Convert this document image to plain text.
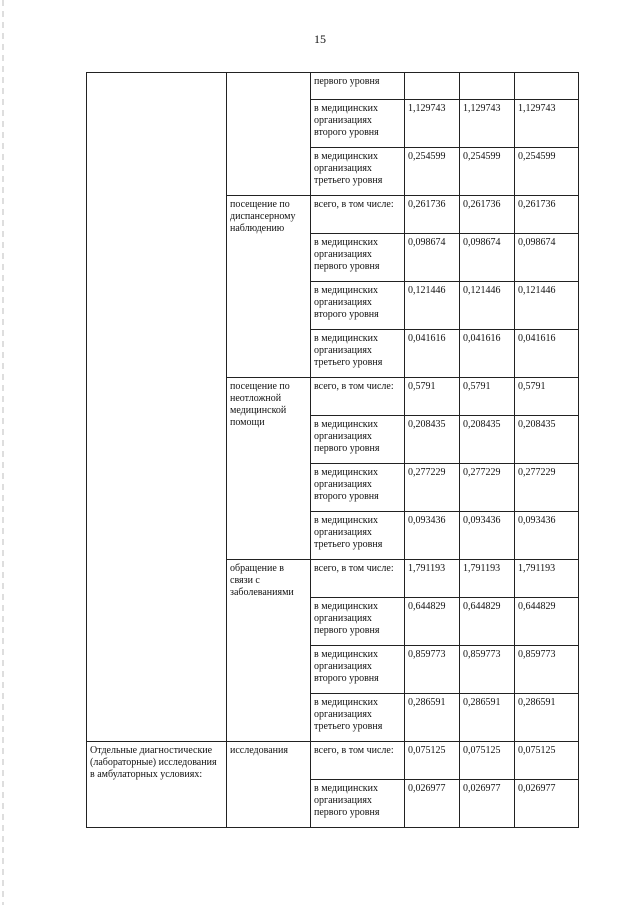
15
		первого уровня			
		в медицинских организациях второго уровня	1,129743	1,129743	1,129743
		в медицинских организациях третьего уровня	0,254599	0,254599	0,254599
	посещение по диспансерному наблюдению	всего, в том числе:	0,261736	0,261736	0,261736
		в медицинских организациях первого уровня	0,098674	0,098674	0,098674
		в медицинских организациях второго уровня	0,121446	0,121446	0,121446
		в медицинских организациях третьего уровня	0,041616	0,041616	0,041616
	посещение по неотложной медицинской помощи	всего, в том числе:	0,5791	0,5791	0,5791
		в медицинских организациях первого уровня	0,208435	0,208435	0,208435
		в медицинских организациях второго уровня	0,277229	0,277229	0,277229
		в медицинских организациях третьего уровня	0,093436	0,093436	0,093436
	обращение в связи с заболеваниями	всего, в том числе:	1,791193	1,791193	1,791193
		в медицинских организациях первого уровня	0,644829	0,644829	0,644829
		в медицинских организациях второго уровня	0,859773	0,859773	0,859773
		в медицинских организациях третьего уровня	0,286591	0,286591	0,286591
Отдельные диагностические (лабораторные) исследования в амбулаторных условиях:	исследования	всего, в том числе:	0,075125	0,075125	0,075125
		в медицинских организациях первого уровня	0,026977	0,026977	0,026977
